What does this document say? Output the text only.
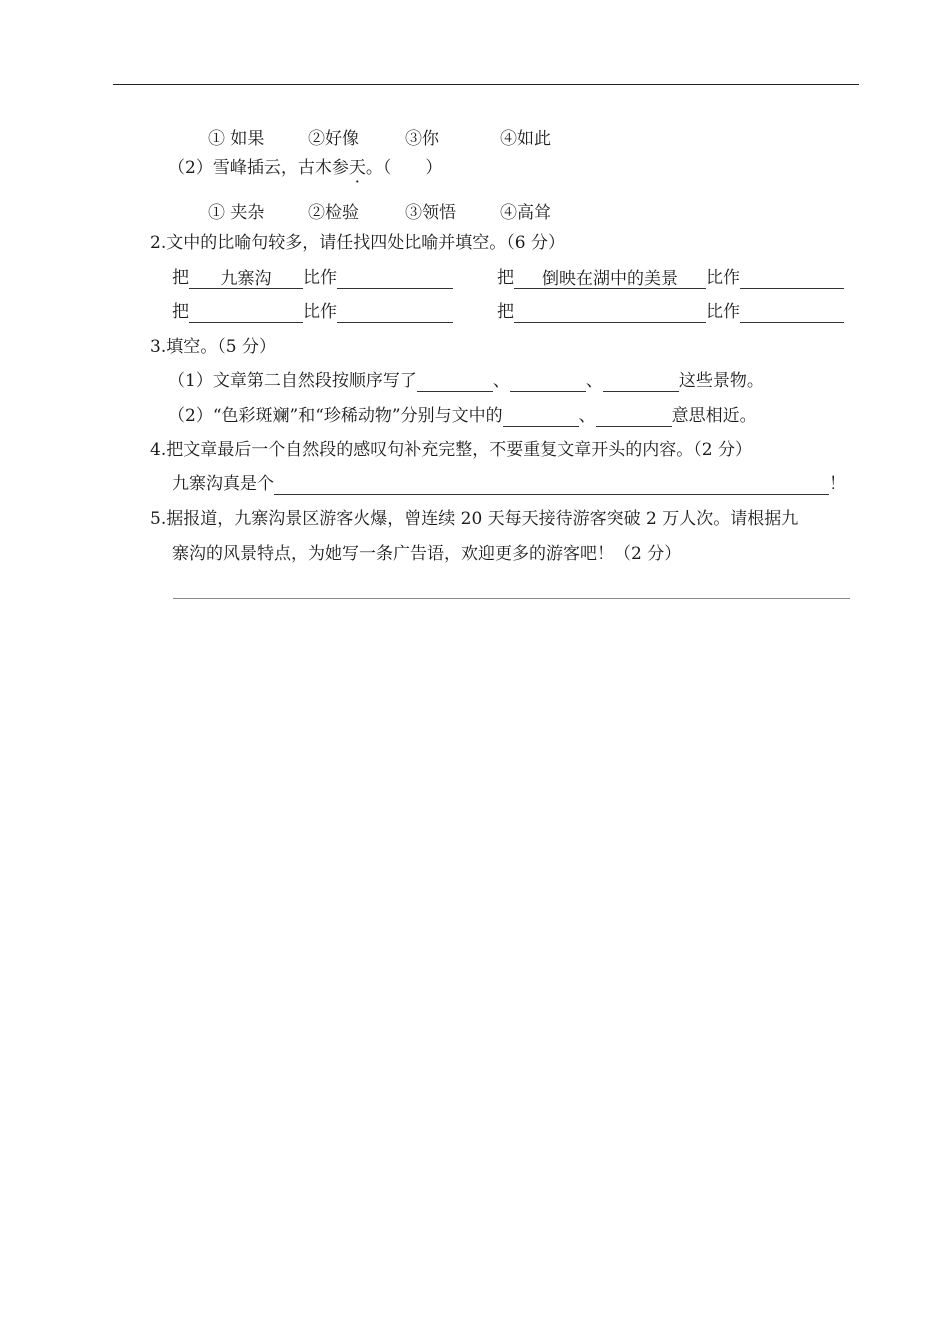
① 如果	②好像	③你	④如此
（2）雪峰插云，古木参天。（　　）
① 夹杂	②检验	③领悟	④高耸
2.文中的比喻句较多，请任找四处比喻并填空。（6 分）
把 九寨沟 比作	把 倒映在湖中的美景 比作
把	比作	把	比作
3.填空。（5 分）
（1）文章第二自然段按顺序写了	、	、	这些景物。
（2）“色彩斑斓”和“珍稀动物”分别与文中的	、	意思相近。
4.把文章最后一个自然段的感叹句补充完整，不要重复文章开头的内容。（2 分）
九寨沟真是个	！
5.据报道，九寨沟景区游客火爆，曾连续 20 天每天接待游客突破 2 万人次。请根据九
寨沟的风景特点，为她写一条广告语，欢迎更多的游客吧！（2 分）
